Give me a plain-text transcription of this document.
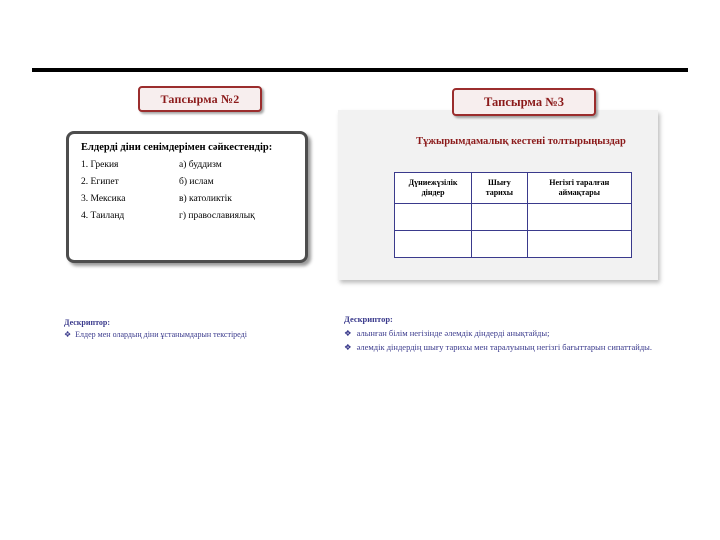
Тапсырма №2
Елдерді діни сенімдерімен сәйкестендір:
1. Грекия	а) буддизм
2. Египет	б) ислам
3. Мексика	в) католиктік
4. Таиланд	г) православиялық
Дескриптор:
❖ Елдер мен олардың діни ұстанымдарын текстіреді
Тапсырма №3
Тұжырымдамалық кестені толтырыңыздар
Дүниежүзілік діндер	Шығу тарихы	Негізгі таралған аймақтары

Дескриптор:
❖ алынған білім негізінде әлемдік діндерді анықтайды;
❖ әлемдік діндердің шығу тарихы мен таралуының негізгі бағыттарын сипаттайды.
